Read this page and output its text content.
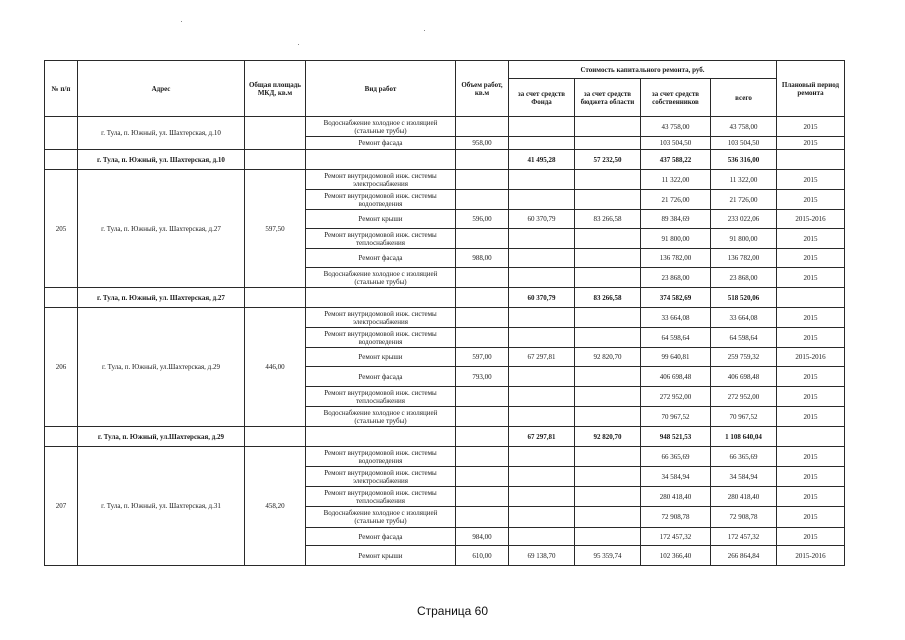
№ п/п	Адрес	Общая площадь МКД, кв.м	Вид работ	Объем работ, кв.м	Стоимость капитального ремонта, руб.				Плановый период ремонта
					за счет средств Фонда	за счет средств бюджета области	за счет средств собственников	всего	
	г. Тула, п. Южный, ул. Шахтерская, д.10		Водоснабжение холодное с изоляцией (стальные трубы)				43 758,00	43 758,00	2015
			Ремонт фасада	958,00			103 504,50	103 504,50	2015
	г. Тула, п. Южный, ул. Шахтерская, д.10				41 495,28	57 232,50	437 588,22	536 316,00	
205	г. Тула, п. Южный, ул. Шахтерская, д.27	597,50	Ремонт внутридомовой инж. системы электроснабжения				11 322,00	11 322,00	2015
			Ремонт внутридомовой инж. системы водоотведения				21 726,00	21 726,00	2015
			Ремонт крыши	596,00	60 370,79	83 266,58	89 384,69	233 022,06	2015-2016
			Ремонт внутридомовой инж. системы теплоснабжения				91 800,00	91 800,00	2015
			Ремонт фасада	988,00			136 782,00	136 782,00	2015
			Водоснабжение холодное с изоляцией (стальные трубы)				23 868,00	23 868,00	2015
	г. Тула, п. Южный, ул. Шахтерская, д.27				60 370,79	83 266,58	374 582,69	518 520,06	
206	г. Тула, п. Южный, ул.Шахтерская, д.29	446,00	Ремонт внутридомовой инж. системы электроснабжения				33 664,08	33 664,08	2015
			Ремонт внутридомовой инж. системы водоотведения				64 598,64	64 598,64	2015
			Ремонт крыши	597,00	67 297,81	92 820,70	99 640,81	259 759,32	2015-2016
			Ремонт фасада	793,00			406 698,48	406 698,48	2015
			Ремонт внутридомовой инж. системы теплоснабжения				272 952,00	272 952,00	2015
			Водоснабжение холодное с изоляцией (стальные трубы)				70 967,52	70 967,52	2015
	г. Тула, п. Южный, ул.Шахтерская, д.29				67 297,81	92 820,70	948 521,53	1 108 640,04	
207	г. Тула, п. Южный, ул. Шахтерская, д.31	458,20	Ремонт внутридомовой инж. системы водоотведения				66 365,69	66 365,69	2015
			Ремонт внутридомовой инж. системы электроснабжения				34 584,94	34 584,94	2015
			Ремонт внутридомовой инж. системы теплоснабжения				280 418,40	280 418,40	2015
			Водоснабжение холодное с изоляцией (стальные трубы)				72 908,78	72 908,78	2015
			Ремонт фасада	984,00			172 457,32	172 457,32	2015
			Ремонт крыши	610,00	69 138,70	95 359,74	102 366,40	266 864,84	2015-2016
Страница 60
